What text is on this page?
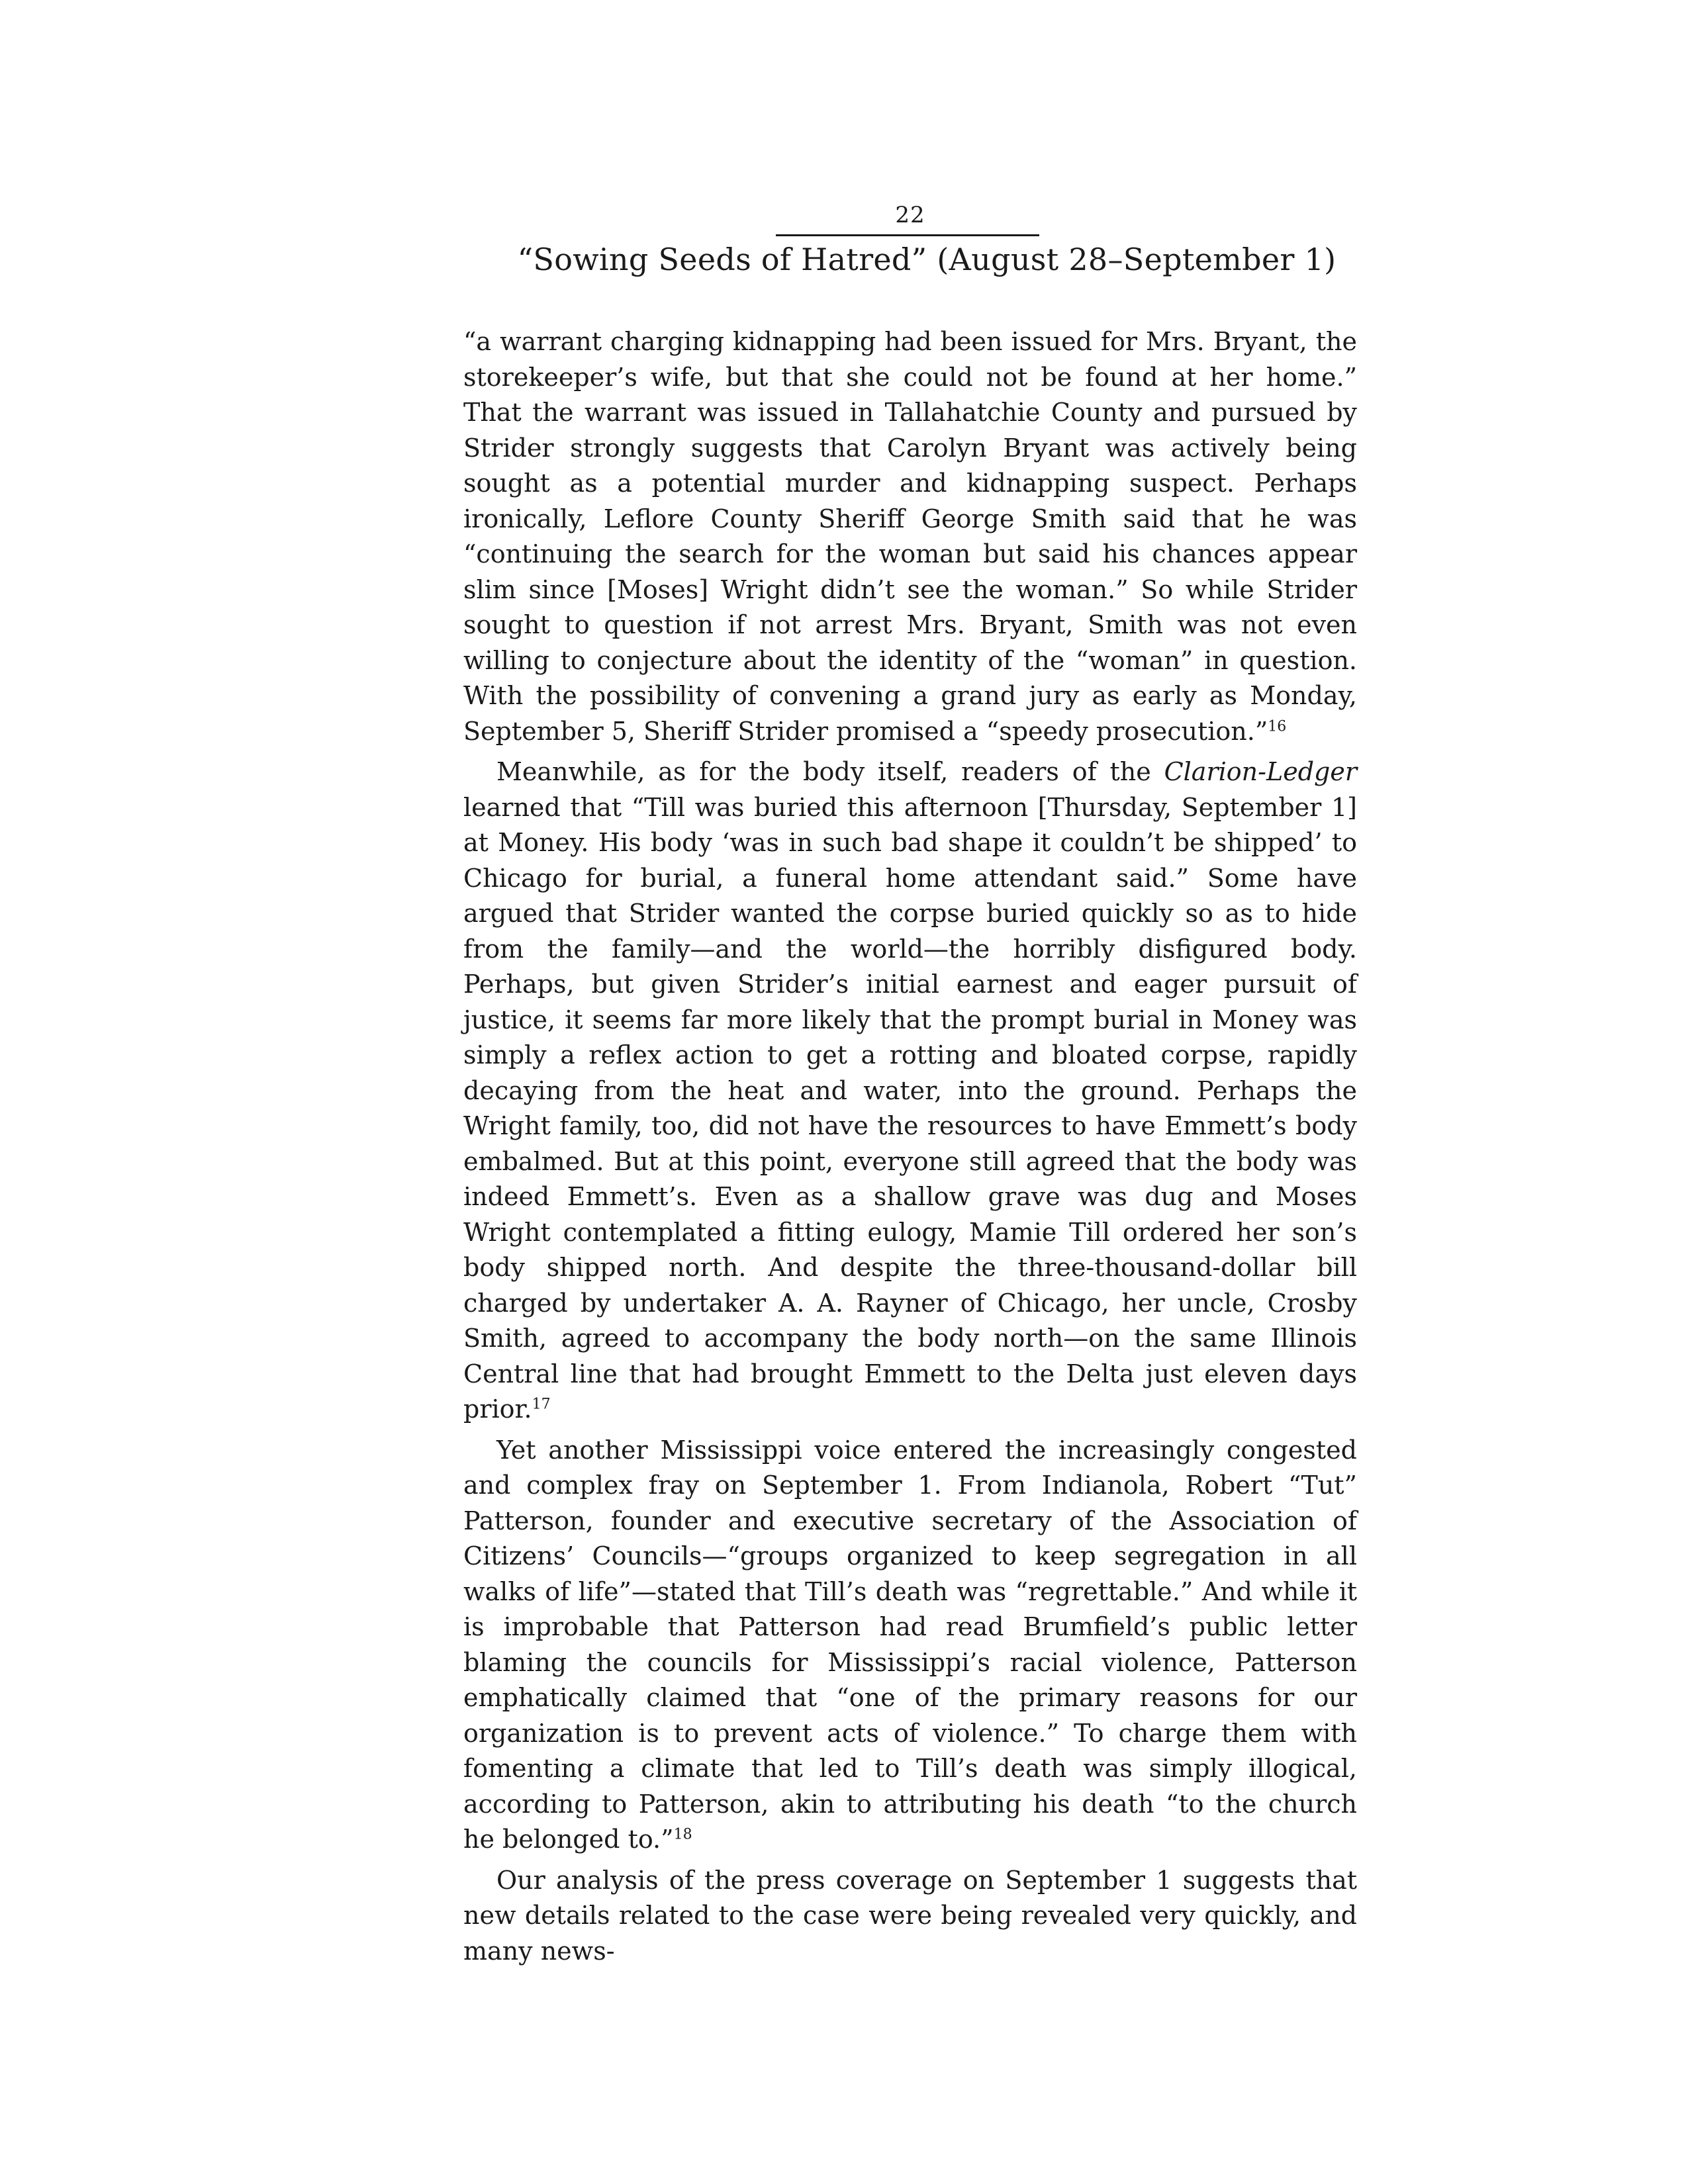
22
“Sowing Seeds of Hatred” (August 28–September 1)

“a warrant charging kidnapping had been issued for Mrs. Bryant, the storekeeper’s wife, but that she could not be found at her home.” That the warrant was issued in Tallahatchie County and pursued by Strider strongly suggests that Carolyn Bryant was actively being sought as a potential murder and kidnapping suspect. Perhaps ironically, Leflore County Sheriff George Smith said that he was “continuing the search for the woman but said his chances appear slim since [Moses] Wright didn’t see the woman.” So while Strider sought to question if not arrest Mrs. Bryant, Smith was not even willing to conjecture about the identity of the “woman” in question. With the possibility of convening a grand jury as early as Monday, September 5, Sheriff Strider promised a “speedy prosecution.”$^{16}$

Meanwhile, as for the body itself, readers of the Clarion-Ledger learned that “Till was buried this afternoon [Thursday, September 1] at Money. His body ‘was in such bad shape it couldn’t be shipped’ to Chicago for burial, a funeral home attendant said.” Some have argued that Strider wanted the corpse buried quickly so as to hide from the family—and the world—the horribly disfigured body. Perhaps, but given Strider’s initial earnest and eager pursuit of justice, it seems far more likely that the prompt burial in Money was simply a reflex action to get a rotting and bloated corpse, rapidly decaying from the heat and water, into the ground. Perhaps the Wright family, too, did not have the resources to have Emmett’s body embalmed. But at this point, everyone still agreed that the body was indeed Emmett’s. Even as a shallow grave was dug and Moses Wright contemplated a fitting eulogy, Mamie Till ordered her son’s body shipped north. And despite the three-thousand-dollar bill charged by undertaker A. A. Rayner of Chicago, her uncle, Crosby Smith, agreed to accompany the body north—on the same Illinois Central line that had brought Emmett to the Delta just eleven days prior.$^{17}$

Yet another Mississippi voice entered the increasingly congested and complex fray on September 1. From Indianola, Robert “Tut” Patterson, founder and executive secretary of the Association of Citizens’ Councils—“groups organized to keep segregation in all walks of life”—stated that Till’s death was “regrettable.” And while it is improbable that Patterson had read Brumfield’s public letter blaming the councils for Mississippi’s racial violence, Patterson emphatically claimed that “one of the primary reasons for our organization is to prevent acts of violence.” To charge them with fomenting a climate that led to Till’s death was simply illogical, according to Patterson, akin to attributing his death “to the church he belonged to.”$^{18}$

Our analysis of the press coverage on September 1 suggests that new details related to the case were being revealed very quickly, and many news-
